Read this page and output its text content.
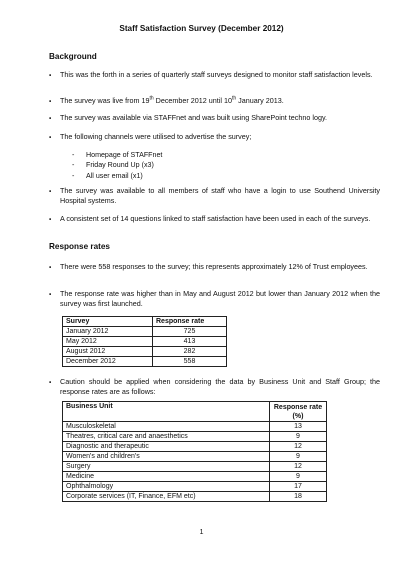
Staff Satisfaction Survey (December 2012)
Background
▪ This was the forth in a series of quarterly staff surveys designed to monitor staff satisfaction levels.
▪ The survey was live from 19th December 2012 until 10th January 2013.
▪ The survey was available via STAFFnet and was built using SharePoint techno logy.
▪ The following channels were utilised to advertise the survey;
- Homepage of STAFFnet
- Friday Round Up (x3)
- All user email (x1)
▪ The survey was available to all members of staff who have a login to use Southend University Hospital systems.
▪ A consistent set of 14 questions linked to staff satisfaction have been used in each of the surveys.
Response rates
▪ There were 558 responses to the survey; this represents approximately 12% of Trust employees.
▪ The response rate was higher than in May and August 2012 but lower than January 2012 when the survey was first launched.
Survey	Response rate
January 2012	725
May 2012	413
August 2012	282
December 2012	558
▪ Caution should be applied when considering the data by Business Unit and Staff Group; the response rates are as follows:
Business Unit	Response rate (%)
Musculoskeletal	13
Theatres, critical care and anaesthetics	9
Diagnostic and therapeutic	12
Women's and children's	9
Surgery	12
Medicine	9
Ophthalmology	17
Corporate services (IT, Finance, EFM etc)	18
1
